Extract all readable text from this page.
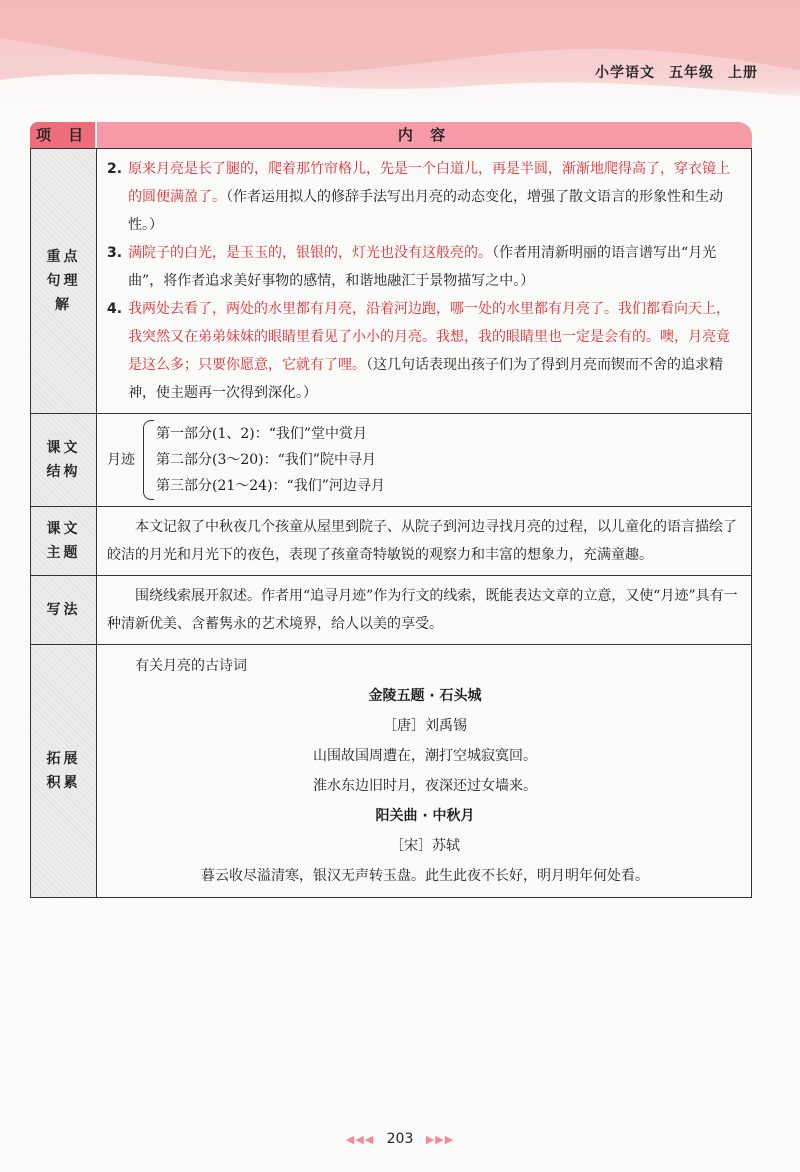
小学语文 五年级 上册
项 目	内 容
重点句理解
2. 原来月亮是长了腿的，爬着那竹帘格儿，先是一个白道儿，再是半圆，渐渐地爬得高了，穿衣镜上的圆便满盈了。（作者运用拟人的修辞手法写出月亮的动态变化，增强了散文语言的形象性和生动性。）
3. 满院子的白光，是玉玉的，银银的，灯光也没有这般亮的。（作者用清新明丽的语言谱写出“月光曲”，将作者追求美好事物的感情，和谐地融汇于景物描写之中。）
4. 我两处去看了，两处的水里都有月亮，沿着河边跑，哪一处的水里都有月亮了。我们都看向天上，我突然又在弟弟妹妹的眼睛里看见了小小的月亮。我想，我的眼睛里也一定是会有的。噢，月亮竟是这么多；只要你愿意，它就有了哩。（这几句话表现出孩子们为了得到月亮而锲而不舍的追求精神，使主题再一次得到深化。）
课文结构
月迹
第一部分(1、2)：“我们”堂中赏月
第二部分(3～20)：“我们”院中寻月
第三部分(21～24)：“我们”河边寻月
课文主题
本文记叙了中秋夜几个孩童从屋里到院子、从院子到河边寻找月亮的过程，以儿童化的语言描绘了皎洁的月光和月光下的夜色，表现了孩童奇特敏锐的观察力和丰富的想象力，充满童趣。
写法
围绕线索展开叙述。作者用“追寻月迹”作为行文的线索，既能表达文章的立意，又使“月迹”具有一种清新优美、含蓄隽永的艺术境界，给人以美的享受。
拓展积累
有关月亮的古诗词
金陵五题 · 石头城
［唐］刘禹锡
山围故国周遭在，潮打空城寂寞回。
淮水东边旧时月，夜深还过女墙来。
阳关曲 · 中秋月
［宋］苏轼
暮云收尽溢清寒，银汉无声转玉盘。此生此夜不长好，明月明年何处看。
◀◀◀ 203 ▶▶▶
